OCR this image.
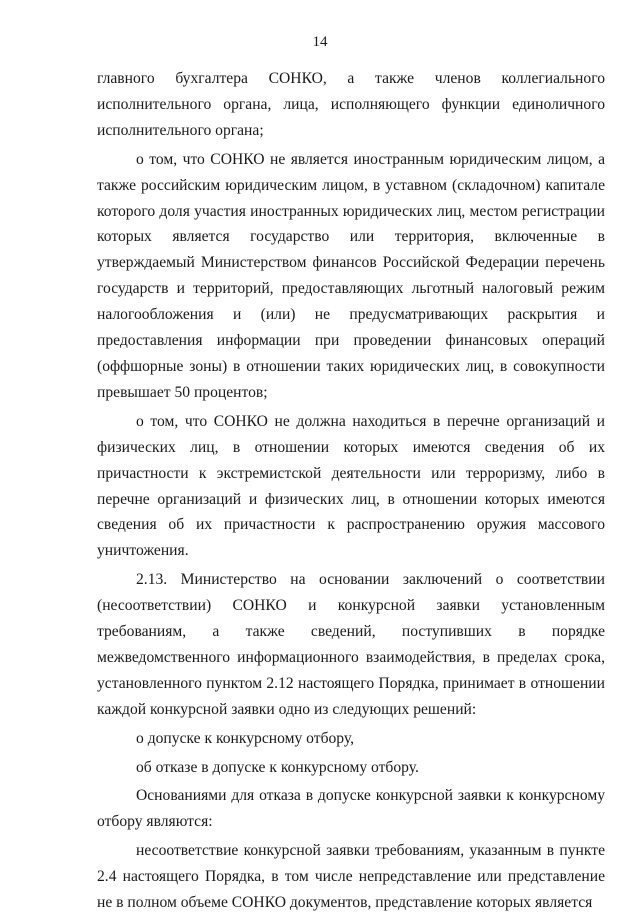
14

главного бухгалтера СОНКО, а также членов коллегиального исполнительного органа, лица, исполняющего функции единоличного исполнительного органа;

о том, что СОНКО не является иностранным юридическим лицом, а также российским юридическим лицом, в уставном (складочном) капитале которого доля участия иностранных юридических лиц, местом регистрации которых является государство или территория, включенные в утверждаемый Министерством финансов Российской Федерации перечень государств и территорий, предоставляющих льготный налоговый режим налогообложения и (или) не предусматривающих раскрытия и предоставления информации при проведении финансовых операций (оффшорные зоны) в отношении таких юридических лиц, в совокупности превышает 50 процентов;

о том, что СОНКО не должна находиться в перечне организаций и физических лиц, в отношении которых имеются сведения об их причастности к экстремистской деятельности или терроризму, либо в перечне организаций и физических лиц, в отношении которых имеются сведения об их причастности к распространению оружия массового уничтожения.

2.13. Министерство на основании заключений о соответствии (несоответствии) СОНКО и конкурсной заявки установленным требованиям, а также сведений, поступивших в порядке межведомственного информационного взаимодействия, в пределах срока, установленного пунктом 2.12 настоящего Порядка, принимает в отношении каждой конкурсной заявки одно из следующих решений:

о допуске к конкурсному отбору,

об отказе в допуске к конкурсному отбору.

Основаниями для отказа в допуске конкурсной заявки к конкурсному отбору являются:

несоответствие конкурсной заявки требованиям, указанным в пункте 2.4 настоящего Порядка, в том числе непредставление или представление не в полном объеме СОНКО документов, представление которых является
